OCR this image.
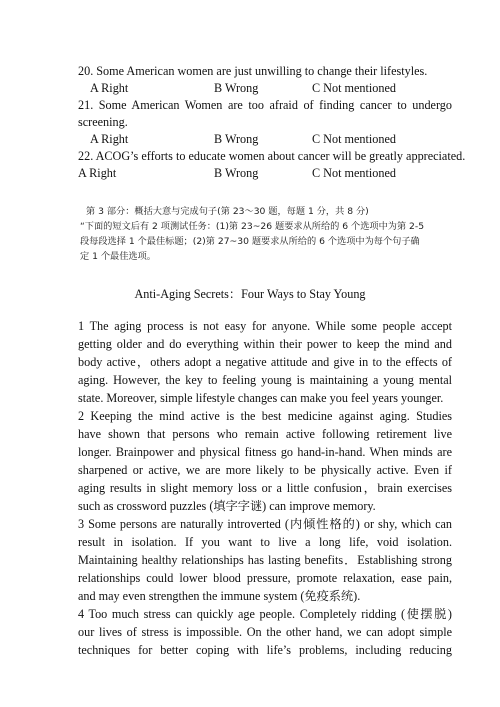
20. Some American women are just unwilling to change their lifestyles.
A Right	B Wrong	C Not mentioned
21. Some American Women are too afraid of finding cancer to undergo
screening.
A Right	B Wrong	C Not mentioned
22. ACOG’s efforts to educate women about cancer will be greatly appreciated.
A Right	B Wrong	C Not mentioned
第 3 部分：概括大意与完成句子(第 23～30 题，每题 1 分，共 8 分)
“下面的短文后有 2 项测试任务：(1)第 23~26 题要求从所给的 6 个选项中为第 2-5
段每段选择 1 个最佳标题；(2)第 27~30 题要求从所给的 6 个选项中为每个句子确
定 1 个最佳选项。
Anti-Aging Secrets：Four Ways to Stay Young
1 The aging process is not easy for anyone. While some people accept
getting older and do everything within their power to keep the mind and
body active，others adopt a negative attitude and give in to the effects of
aging. However, the key to feeling young is maintaining a young mental
state. Moreover, simple lifestyle changes can make you feel years younger.
2 Keeping the mind active is the best medicine against aging. Studies
have shown that persons who remain active following retirement live
longer. Brainpower and physical fitness go hand-in-hand. When minds are
sharpened or active, we are more likely to be physically active. Even if
aging results in slight memory loss or a little confusion，brain exercises
such as crossword puzzles (填字字谜) can improve memory.
3 Some persons are naturally introverted (内倾性格的) or shy, which can
result in isolation. If you want to live a long life, void isolation.
Maintaining healthy relationships has lasting benefits．Establishing strong
relationships could lower blood pressure, promote relaxation, ease pain,
and may even strengthen the immune system (免疫系统).
4 Too much stress can quickly age people. Completely ridding (使摆脱)
our lives of stress is impossible. On the other hand, we can adopt simple
techniques for better coping with life’s problems, including reducing
